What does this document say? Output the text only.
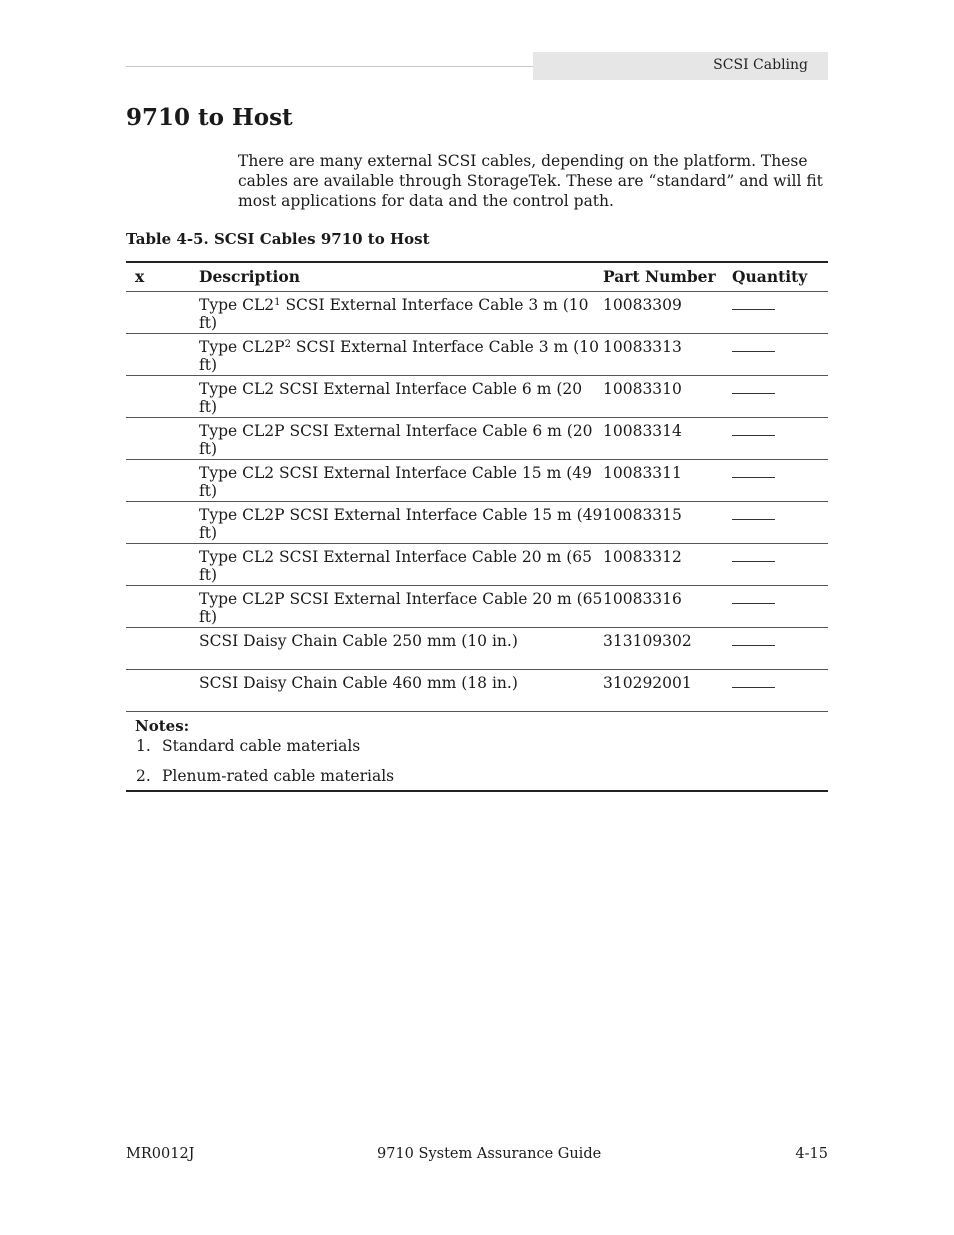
SCSI Cabling
9710 to Host

There are many external SCSI cables, depending on the platform. These cables are available through StorageTek. These are “standard” and will fit most applications for data and the control path.

Table 4-5. SCSI Cables 9710 to Host
x	Description	Part Number	Quantity
	Type $CL2^1$ SCSI External Interface Cable 3 m (10 ft)	10083309	
	Type $CL2P^2$ SCSI External Interface Cable 3 m (10 ft)	10083313	
	Type CL2 SCSI External Interface Cable 6 m (20 ft)	10083310	
	Type CL2P SCSI External Interface Cable 6 m (20 ft)	10083314	
	Type CL2 SCSI External Interface Cable 15 m (49 ft)	10083311	
	Type CL2P SCSI External Interface Cable 15 m (49 ft)	10083315	
	Type CL2 SCSI External Interface Cable 20 m (65 ft)	10083312	
	Type CL2P SCSI External Interface Cable 20 m (65 ft)	10083316	
	SCSI Daisy Chain Cable 250 mm (10 in.)	313109302	
	SCSI Daisy Chain Cable 460 mm (18 in.)	310292001	
Notes:
1. Standard cable materials
2. Plenum-rated cable materials
MR0012J	9710 System Assurance Guide	4-15
